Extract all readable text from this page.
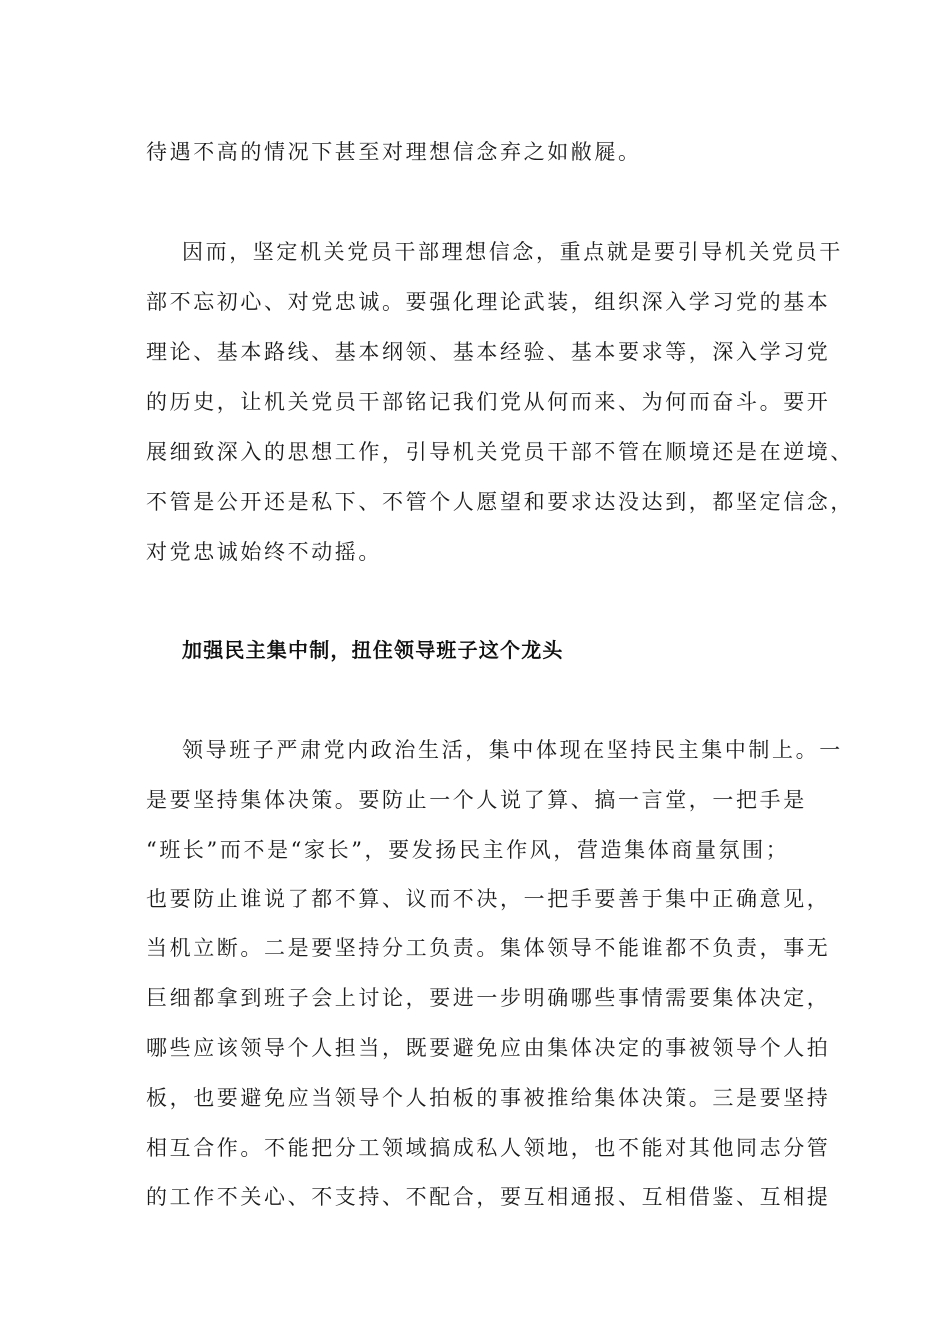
待遇不高的情况下甚至对理想信念弃之如敝屣。
因而，坚定机关党员干部理想信念，重点就是要引导机关党员干
部不忘初心、对党忠诚。要强化理论武装，组织深入学习党的基本
理论、基本路线、基本纲领、基本经验、基本要求等，深入学习党
的历史，让机关党员干部铭记我们党从何而来、为何而奋斗。要开
展细致深入的思想工作，引导机关党员干部不管在顺境还是在逆境、
不管是公开还是私下、不管个人愿望和要求达没达到，都坚定信念，
对党忠诚始终不动摇。
加强民主集中制，扭住领导班子这个龙头
领导班子严肃党内政治生活，集中体现在坚持民主集中制上。一
是要坚持集体决策。要防止一个人说了算、搞一言堂，一把手是
“班长”而不是“家长”，要发扬民主作风，营造集体商量氛围；
也要防止谁说了都不算、议而不决，一把手要善于集中正确意见，
当机立断。二是要坚持分工负责。集体领导不能谁都不负责，事无
巨细都拿到班子会上讨论，要进一步明确哪些事情需要集体决定，
哪些应该领导个人担当，既要避免应由集体决定的事被领导个人拍
板，也要避免应当领导个人拍板的事被推给集体决策。三是要坚持
相互合作。不能把分工领域搞成私人领地，也不能对其他同志分管
的工作不关心、不支持、不配合，要互相通报、互相借鉴、互相提
